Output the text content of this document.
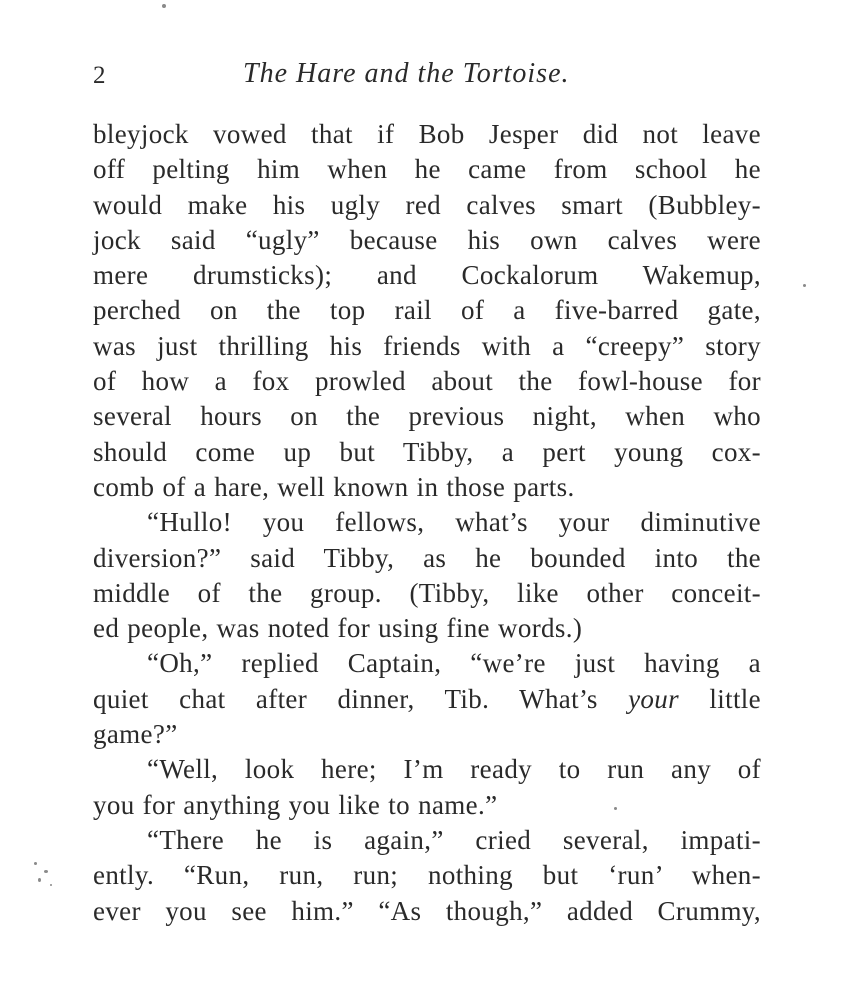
2	The Hare and the Tortoise.
bleyjock vowed that if Bob Jesper did not leave
off pelting him when he came from school he
would make his ugly red calves smart (Bubbley-
jock said “ugly” because his own calves were
mere drumsticks); and Cockalorum Wakemup,
perched on the top rail of a five-barred gate,
was just thrilling his friends with a “creepy” story
of how a fox prowled about the fowl-house for
several hours on the previous night, when who
should come up but Tibby, a pert young cox-
comb of a hare, well known in those parts.
“Hullo! you fellows, what’s your diminutive
diversion?” said Tibby, as he bounded into the
middle of the group. (Tibby, like other conceit-
ed people, was noted for using fine words.)
“Oh,” replied Captain, “we’re just having a
quiet chat after dinner, Tib. What’s your little
game?”
“Well, look here; I’m ready to run any of
you for anything you like to name.”
“There he is again,” cried several, impati-
ently. “Run, run, run; nothing but ‘run’ when-
ever you see him.” “As though,” added Crummy,
